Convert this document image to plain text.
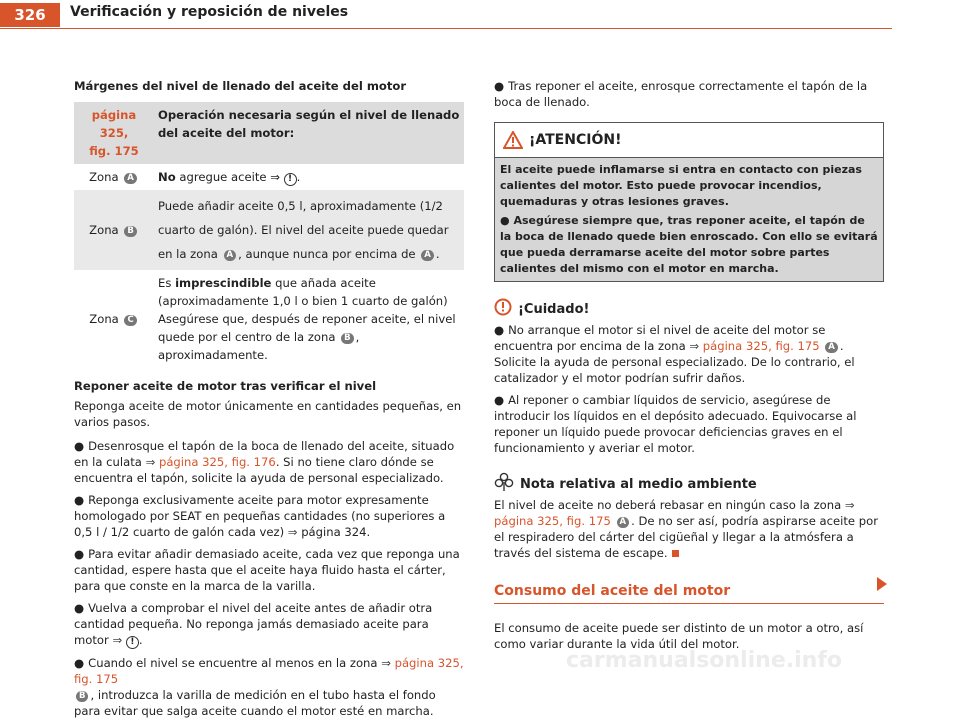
326	Verificación y reposición de niveles

Márgenes del nivel de llenado del aceite del motor

página 325,
fig. 175	Operación necesaria según el nivel de llenado del aceite del motor:
Zona A	No agregue aceite ⇒ ! .
Zona B	Puede añadir aceite 0,5 l, aproximadamente (1/2 cuarto de galón). El nivel del aceite puede quedar en la zona A , aunque nunca por encima de A .
Zona C	Es imprescindible que añada aceite (aproximadamente 1,0 l o bien 1 cuarto de galón) Asegúrese que, después de reponer aceite, el nivel quede por el centro de la zona B , aproximadamente.

Reponer aceite de motor tras verificar el nivel

Reponga aceite de motor únicamente en cantidades pequeñas, en varios pasos.

● Desenrosque el tapón de la boca de llenado del aceite, situado en la culata ⇒ página 325, fig. 176. Si no tiene claro dónde se encuentra el tapón, solicite la ayuda de personal especializado.

● Reponga exclusivamente aceite para motor expresamente homologado por SEAT en pequeñas cantidades (no superiores a 0,5 l / 1/2 cuarto de galón cada vez) ⇒ página 324.

● Para evitar añadir demasiado aceite, cada vez que reponga una cantidad, espere hasta que el aceite haya fluido hasta el cárter, para que conste en la marca de la varilla.

● Vuelva a comprobar el nivel del aceite antes de añadir otra cantidad pequeña. No reponga jamás demasiado aceite para motor ⇒ ! .

● Cuando el nivel se encuentre al menos en la zona ⇒ página 325, fig. 175
B , introduzca la varilla de medición en el tubo hasta el fondo para evitar que salga aceite cuando el motor esté en marcha.

● Tras reponer el aceite, enrosque correctamente el tapón de la boca de llenado.

¡ATENCIÓN!

El aceite puede inflamarse si entra en contacto con piezas calientes del motor. Esto puede provocar incendios, quemaduras y otras lesiones graves.

● Asegúrese siempre que, tras reponer aceite, el tapón de la boca de llenado quede bien enroscado. Con ello se evitará que pueda derramarse aceite del motor sobre partes calientes del mismo con el motor en marcha.

¡Cuidado!

● No arranque el motor si el nivel de aceite del motor se encuentra por encima de la zona ⇒ página 325, fig. 175 A . Solicite la ayuda de personal especializado. De lo contrario, el catalizador y el motor podrían sufrir daños.

● Al reponer o cambiar líquidos de servicio, asegúrese de introducir los líquidos en el depósito adecuado. Equivocarse al reponer un líquido puede provocar deficiencias graves en el funcionamiento y averiar el motor.

Nota relativa al medio ambiente

El nivel de aceite no deberá rebasar en ningún caso la zona ⇒ página 325, fig. 175 A . De no ser así, podría aspirarse aceite por el respiradero del cárter del cigüeñal y llegar a la atmósfera a través del sistema de escape.

Consumo del aceite del motor

El consumo de aceite puede ser distinto de un motor a otro, así como variar durante la vida útil del motor.

carmanualsonline.info
